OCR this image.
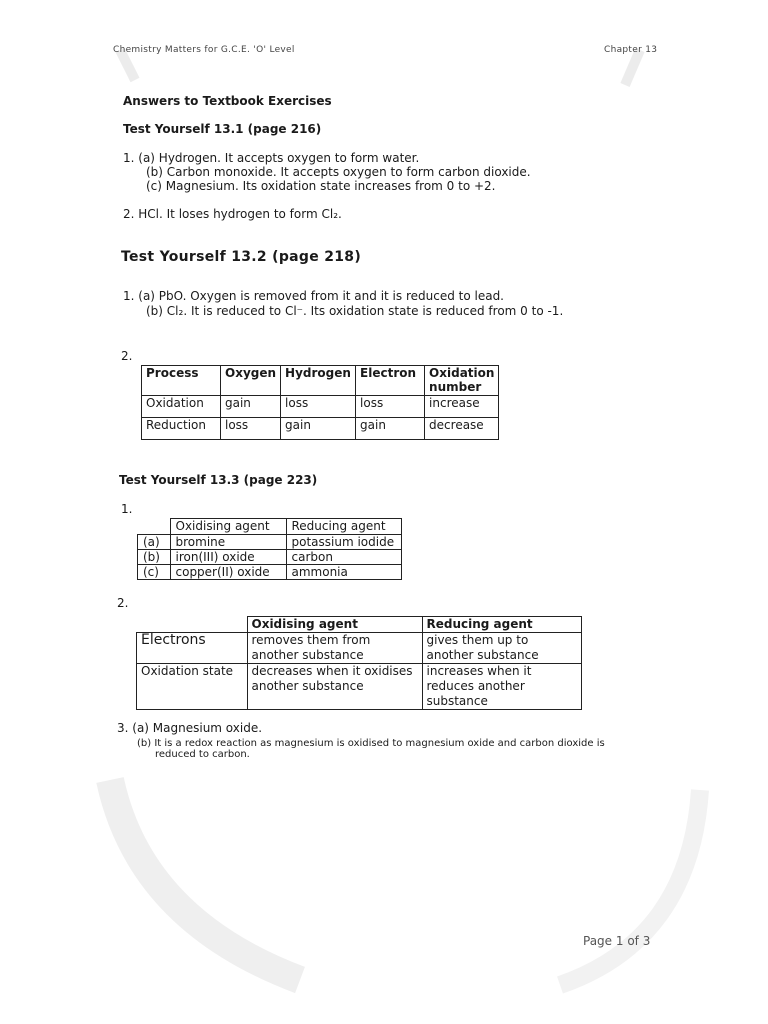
Chemistry Matters for G.C.E. 'O' Level	Chapter 13
Answers to Textbook Exercises
Test Yourself 13.1 (page 216)
1. (a) Hydrogen. It accepts oxygen to form water.
(b) Carbon monoxide. It accepts oxygen to form carbon dioxide.
(c) Magnesium. Its oxidation state increases from 0 to +2.
2. HCl. It loses hydrogen to form Cl₂.
Test Yourself 13.2 (page 218)
1. (a) PbO. Oxygen is removed from it and it is reduced to lead.
(b) Cl₂. It is reduced to Cl⁻. Its oxidation state is reduced from 0 to -1.
2.
Process	Oxygen	Hydrogen	Electron	Oxidation number
Oxidation	gain	loss	loss	increase
Reduction	loss	gain	gain	decrease
Test Yourself 13.3 (page 223)
1.
	Oxidising agent	Reducing agent
(a)	bromine	potassium iodide
(b)	iron(III) oxide	carbon
(c)	copper(II) oxide	ammonia
2.
	Oxidising agent	Reducing agent
Electrons	removes them from another substance	gives them up to another substance
Oxidation state	decreases when it oxidises another substance	increases when it reduces another substance
3. (a) Magnesium oxide.
(b) It is a redox reaction as magnesium is oxidised to magnesium oxide and carbon dioxide is
reduced to carbon.
Page 1 of 3
